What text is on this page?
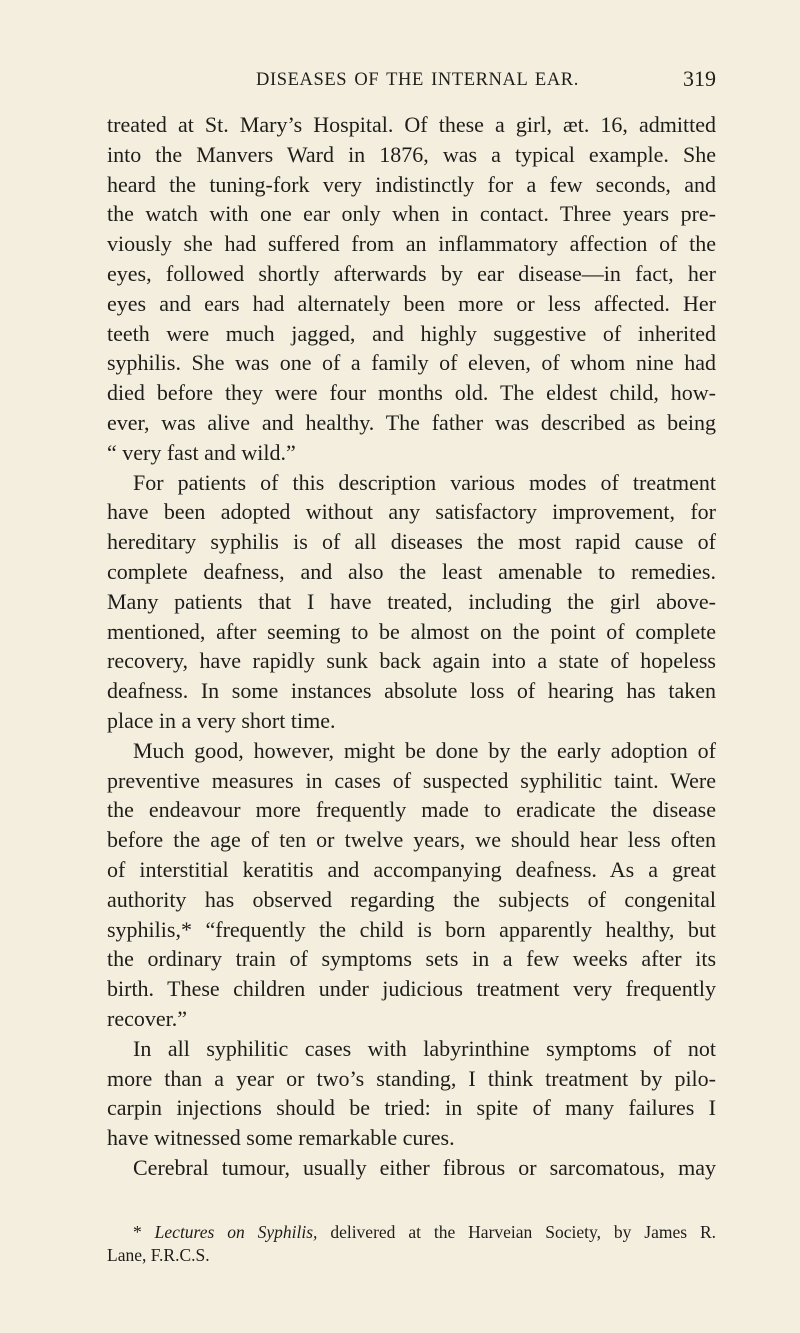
DISEASES OF THE INTERNAL EAR.	319
treated at St. Mary’s Hospital. Of these a girl, æt. 16, admitted
into the Manvers Ward in 1876, was a typical example. She
heard the tuning-fork very indistinctly for a few seconds, and
the watch with one ear only when in contact. Three years pre-
viously she had suffered from an inflammatory affection of the
eyes, followed shortly afterwards by ear disease—in fact, her
eyes and ears had alternately been more or less affected. Her
teeth were much jagged, and highly suggestive of inherited
syphilis. She was one of a family of eleven, of whom nine had
died before they were four months old. The eldest child, how-
ever, was alive and healthy. The father was described as being
“ very fast and wild.”
For patients of this description various modes of treatment
have been adopted without any satisfactory improvement, for
hereditary syphilis is of all diseases the most rapid cause of
complete deafness, and also the least amenable to remedies.
Many patients that I have treated, including the girl above-
mentioned, after seeming to be almost on the point of complete
recovery, have rapidly sunk back again into a state of hopeless
deafness. In some instances absolute loss of hearing has taken
place in a very short time.
Much good, however, might be done by the early adoption of
preventive measures in cases of suspected syphilitic taint. Were
the endeavour more frequently made to eradicate the disease
before the age of ten or twelve years, we should hear less often
of interstitial keratitis and accompanying deafness. As a great
authority has observed regarding the subjects of congenital
syphilis,* “frequently the child is born apparently healthy, but
the ordinary train of symptoms sets in a few weeks after its
birth. These children under judicious treatment very frequently
recover.”
In all syphilitic cases with labyrinthine symptoms of not
more than a year or two’s standing, I think treatment by pilo-
carpin injections should be tried: in spite of many failures I
have witnessed some remarkable cures.
Cerebral tumour, usually either fibrous or sarcomatous, may
* Lectures on Syphilis, delivered at the Harveian Society, by James R.
Lane, F.R.C.S.
